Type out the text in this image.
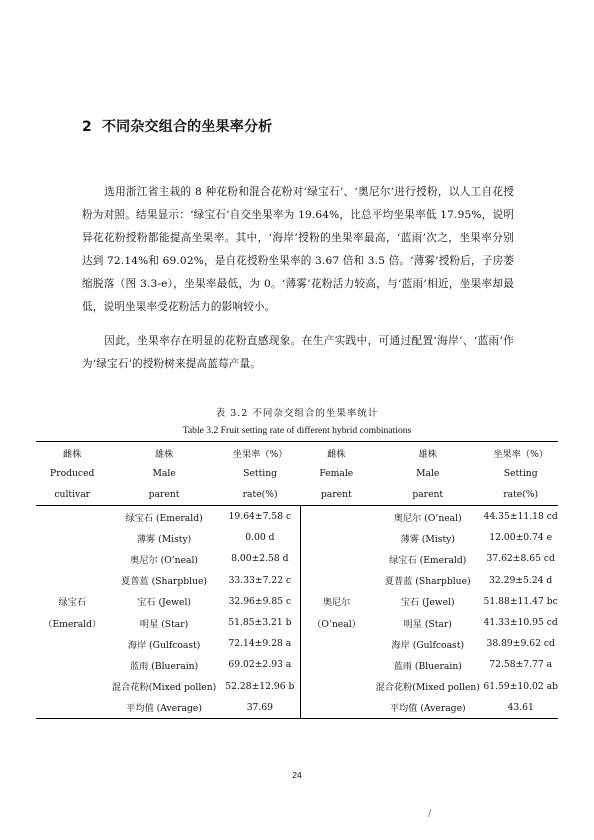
2 不同杂交组合的坐果率分析

选用浙江省主栽的 8 种花粉和混合花粉对‘绿宝石’、‘奥尼尔’进行授粉，以人工自花授粉为对照。结果显示：‘绿宝石’自交坐果率为 19.64%，比总平均坐果率低 17.95%，说明异花花粉授粉都能提高坐果率。其中，‘海岸’授粉的坐果率最高，‘蓝雨’次之，坐果率分别达到 72.14%和 69.02%，是自花授粉坐果率的 3.67 倍和 3.5 倍。‘薄雾’授粉后，子房萎缩脱落（图 3.3-e），坐果率最低，为 0。‘薄雾’花粉活力较高，与‘蓝雨’相近，坐果率却最低，说明坐果率受花粉活力的影响较小。

因此，坐果率存在明显的花粉直感现象。在生产实践中，可通过配置‘海岸’、‘蓝雨’作为‘绿宝石’的授粉树来提高蓝莓产量。

表 3.2 不同杂交组合的坐果率统计

Table 3.2 Fruit setting rate of different hybrid combinations

雌株	雄株	坐果率（%）	雌株	雄株	坐果率（%）
Produced	Male	Setting	Female	Male	Setting
cultivar	parent	rate(%)	parent	parent	rate(%)
	绿宝石 (Emerald)	19.64±7.58 c		奥尼尔 (O’neal)	44.35±11.18 cd
	薄雾 (Misty)	0.00 d		薄雾 (Misty)	12.00±0.74 e
	奥尼尔 (O’neal)	8.00±2.58 d		绿宝石 (Emerald)	37.62±8.65 cd
	夏普蓝 (Sharpblue)	33.33±7.22 c		夏普蓝 (Sharpblue)	32.29±5.24 d
绿宝石	宝石 (Jewel)	32.96±9.85 c	奥尼尔	宝石 (Jewel)	51.88±11.47 bc
（Emerald）	明星 (Star)	51.85±3.21 b	（O’neal）	明星 (Star)	41.33±10.95 cd
	海岸 (Gulfcoast)	72.14±9.28 a		海岸 (Gulfcoast)	38.89±9.62 cd
	蓝雨 (Bluerain)	69.02±2.93 a		蓝雨 (Bluerain)	72.58±7.77 a
	混合花粉(Mixed pollen)	52.28±12.96 b		混合花粉(Mixed pollen)	61.59±10.02 ab
	平均值 (Average)	37.69		平均值 (Average)	43.61
24
/
